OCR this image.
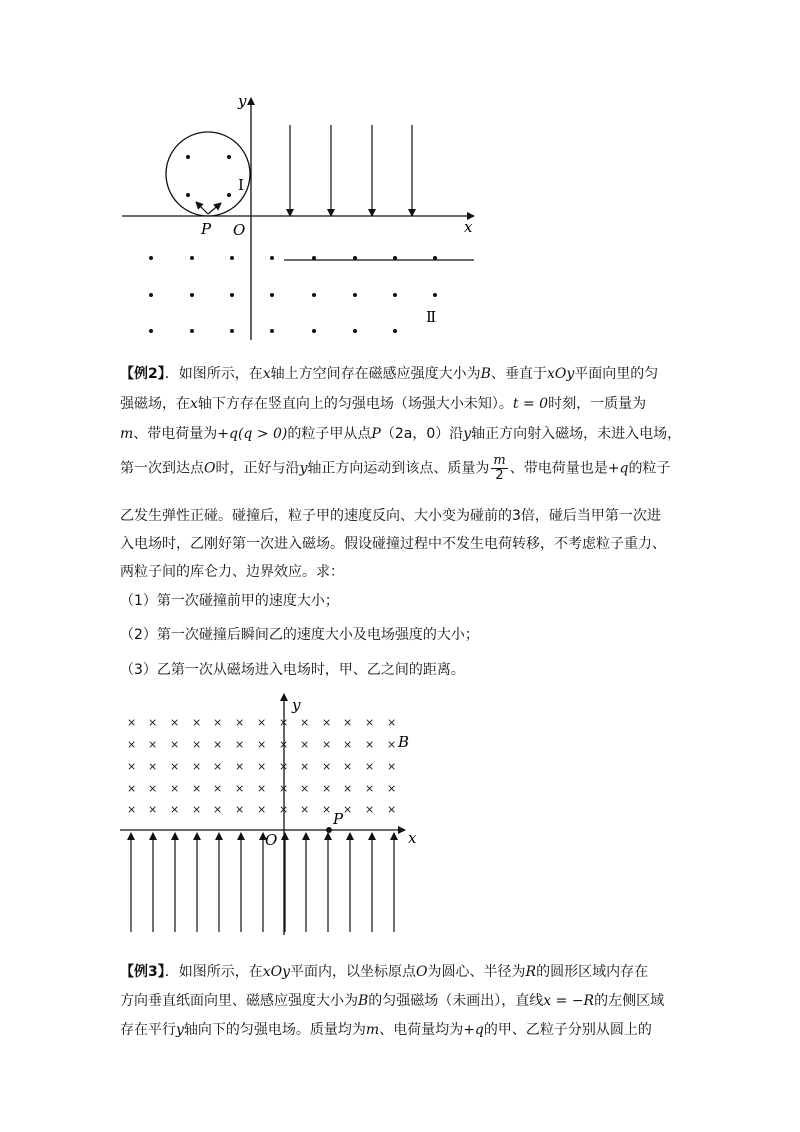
y
x
O
P
Ⅰ
Ⅱ
【例2】．如图所示，在x轴上方空间存在磁感应强度大小为B、垂直于xOy平面向里的匀
强磁场，在x轴下方存在竖直向上的匀强电场（场强大小未知）。t = 0时刻，一质量为
m、带电荷量为+q(q > 0)的粒子甲从点P（2a，0）沿y轴正方向射入磁场，未进入电场，
第一次到达点O时，正好与沿y轴正方向运动到该点、质量为 $\frac{m}{2}$ 、带电荷量也是+q的粒子
乙发生弹性正碰。碰撞后，粒子甲的速度反向、大小变为碰前的3倍，碰后当甲第一次进
入电场时，乙刚好第一次进入磁场。假设碰撞过程中不发生电荷转移，不考虑粒子重力、
两粒子间的库仑力、边界效应。求：
（1）第一次碰撞前甲的速度大小；
（2）第一次碰撞后瞬间乙的速度大小及电场强度的大小；
（3）乙第一次从磁场进入电场时，甲、乙之间的距离。
× × × × × × × × × × × × ×
× × × × × × × × × × × × ×
× × × × × × × × × × × × ×
× × × × × × × × × × × × ×
× × × × × × × × × × × × ×
y
x
O
P
B
【例3】．如图所示，在xOy平面内，以坐标原点O为圆心、半径为R的圆形区域内存在
方向垂直纸面向里、磁感应强度大小为B的匀强磁场（未画出），直线x = −R的左侧区域
存在平行y轴向下的匀强电场。质量均为m、电荷量均为+q的甲、乙粒子分别从圆上的
